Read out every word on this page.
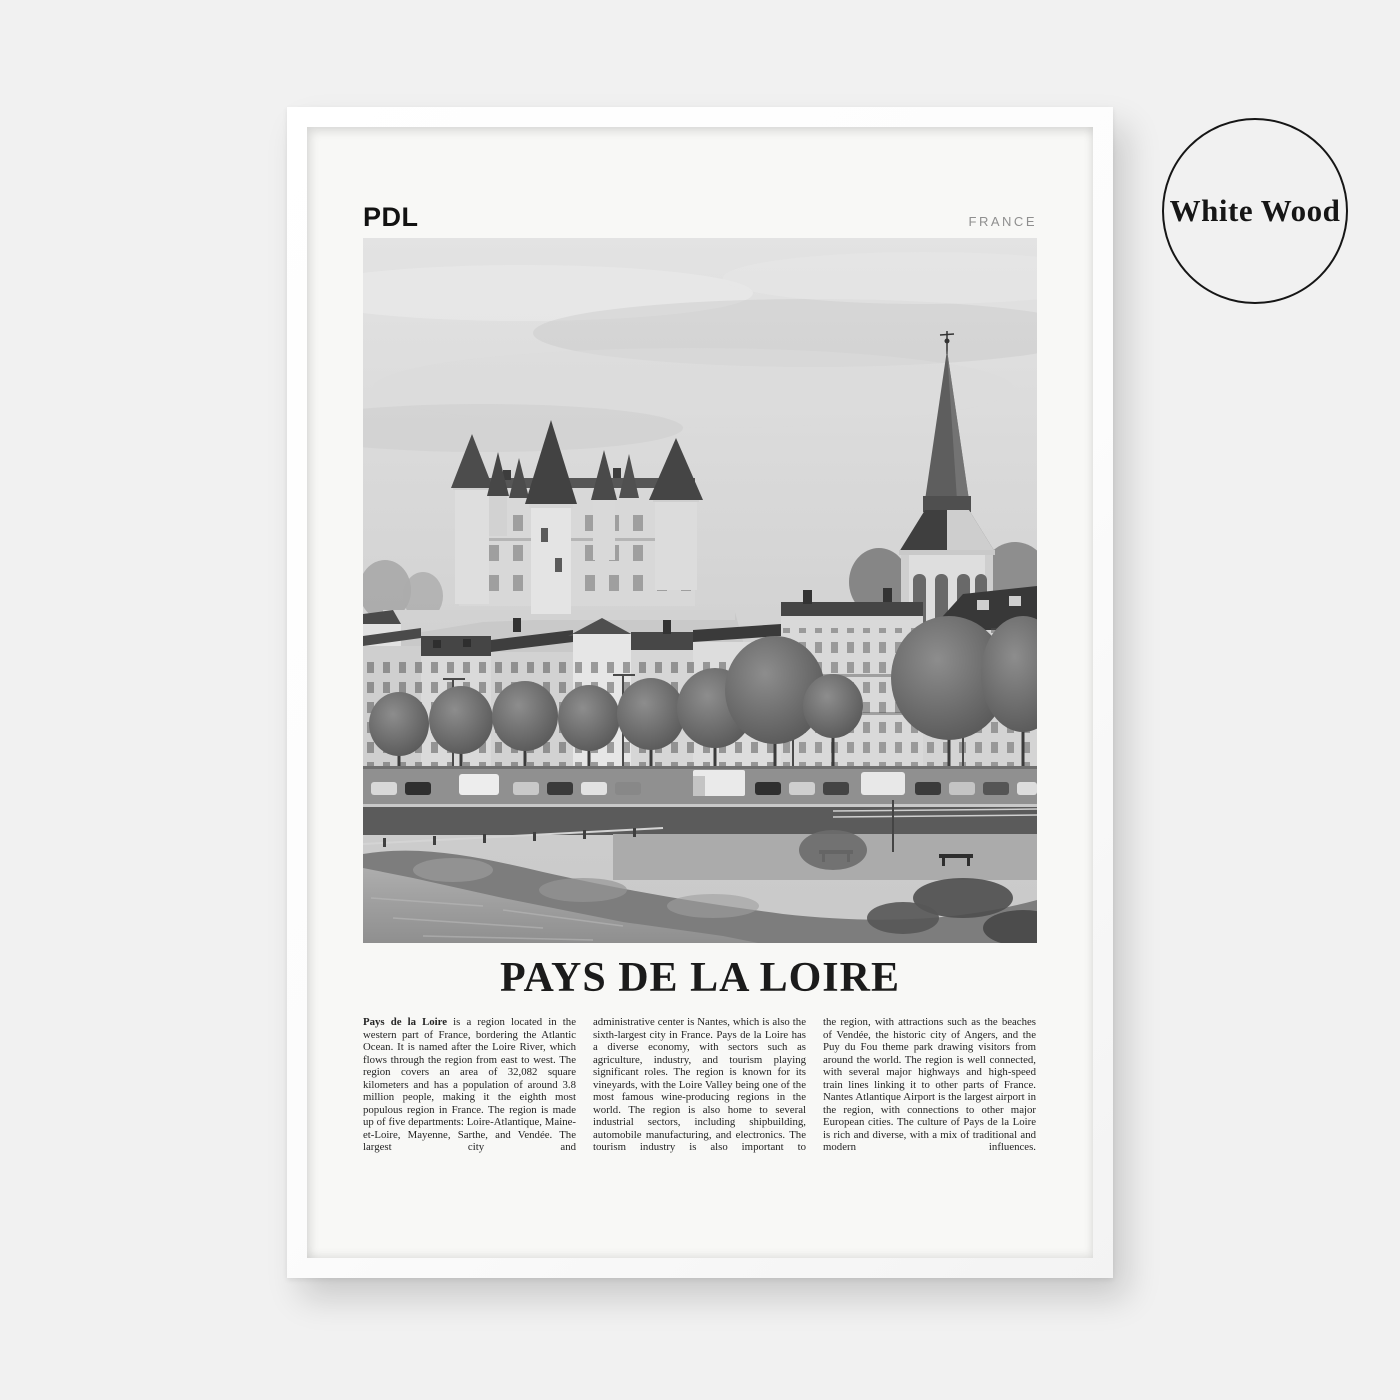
White Wood
PDL	FRANCE
PAYS DE LA LOIRE

Pays de la Loire is a region located in the western part of France, bordering the Atlantic Ocean. It is named after the Loire River, which flows through the region from east to west. The region covers an area of 32,082 square kilometers and has a population of around 3.8 million people, making it the eighth most populous region in France. The region is made up of five departments: Loire-Atlantique, Maine-et-Loire, Mayenne, Sarthe, and Vendée. The largest city and

administrative center is Nantes, which is also the sixth-largest city in France. Pays de la Loire has a diverse economy, with sectors such as agriculture, industry, and tourism playing significant roles. The region is known for its vineyards, with the Loire Valley being one of the most famous wine-producing regions in the world. The region is also home to several industrial sectors, including shipbuilding, automobile manufacturing, and electronics. The tourism industry is also important to

the region, with attractions such as the beaches of Vendée, the historic city of Angers, and the Puy du Fou theme park drawing visitors from around the world. The region is well connected, with several major highways and high-speed train lines linking it to other parts of France. Nantes Atlantique Airport is the largest airport in the region, with connections to other major European cities. The culture of Pays de la Loire is rich and diverse, with a mix of traditional and modern influences.
